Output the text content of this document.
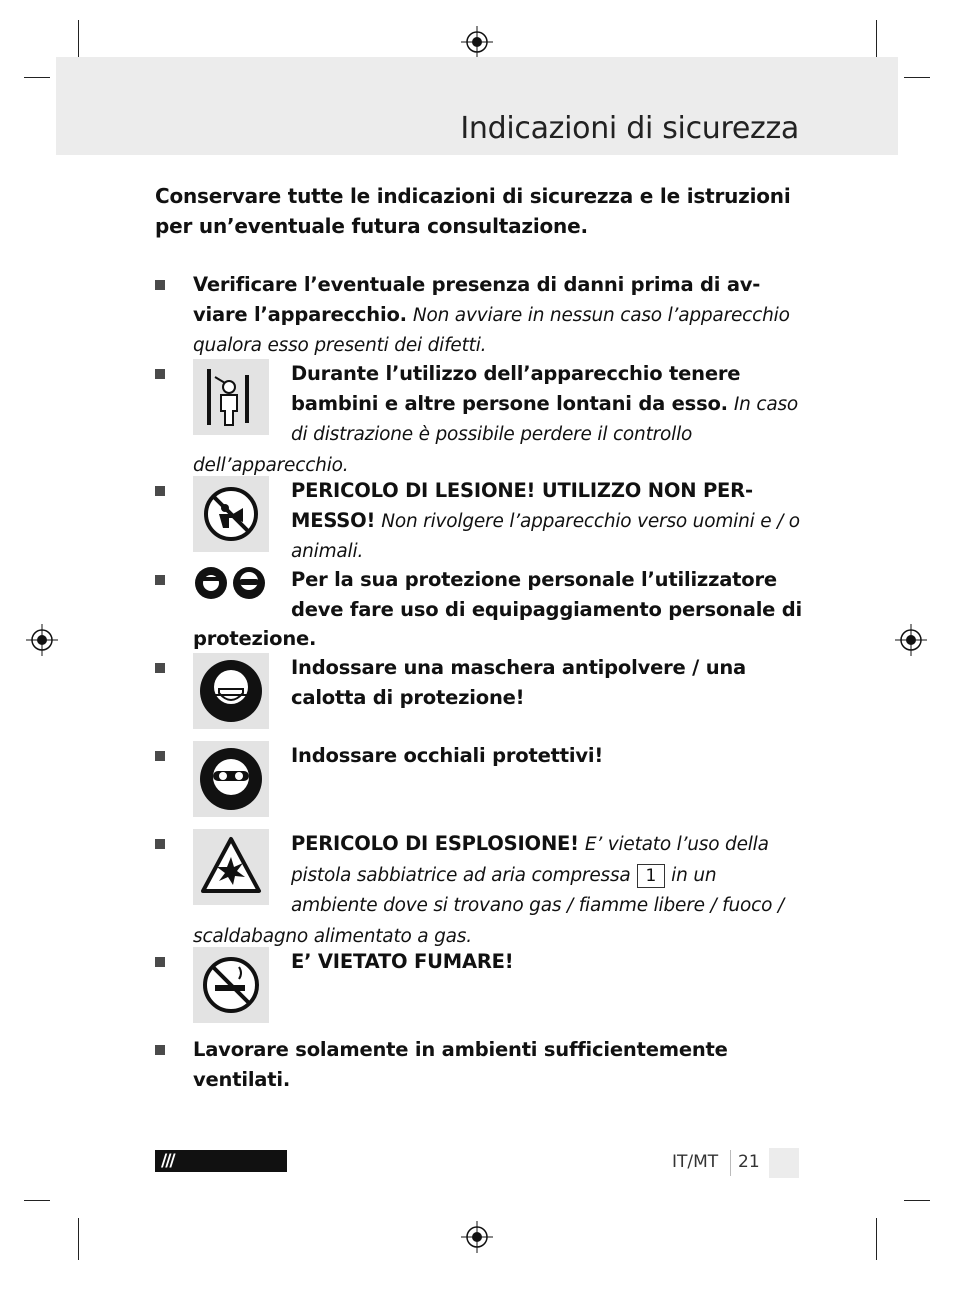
Indicazioni di sicurezza
Conservare tutte le indicazioni di sicurezza e le istruzioni per un’eventuale futura consultazione.
Verificare l’eventuale presenza di danni prima di av-viare l’apparecchio. Non avviare in nessun caso l’apparecchio qualora esso presenti dei difetti.
Durante l’utilizzo dell’apparecchio tenere bambini e altre persone lontani da esso. In caso di distrazione è possibile perdere il controllo dell’apparecchio.
PERICOLO DI LESIONE! UTILIZZO NON PER-MESSO! Non rivolgere l’apparecchio verso uomini e / o animali.
Per la sua protezione personale l’utilizzatore deve fare uso di equipaggiamento personale di protezione.
Indossare una maschera antipolvere / una calotta di protezione!
Indossare occhiali protettivi!
PERICOLO DI ESPLOSIONE! E’ vietato l’uso della pistola sabbiatrice ad aria compressa 1 in un ambiente dove si trovano gas / fiamme libere / fuoco / scaldabagno alimentato a gas.
E’ VIETATO FUMARE!
Lavorare solamente in ambienti sufficientemente ventilati.
///PARKSIDE
IT/MT 21
